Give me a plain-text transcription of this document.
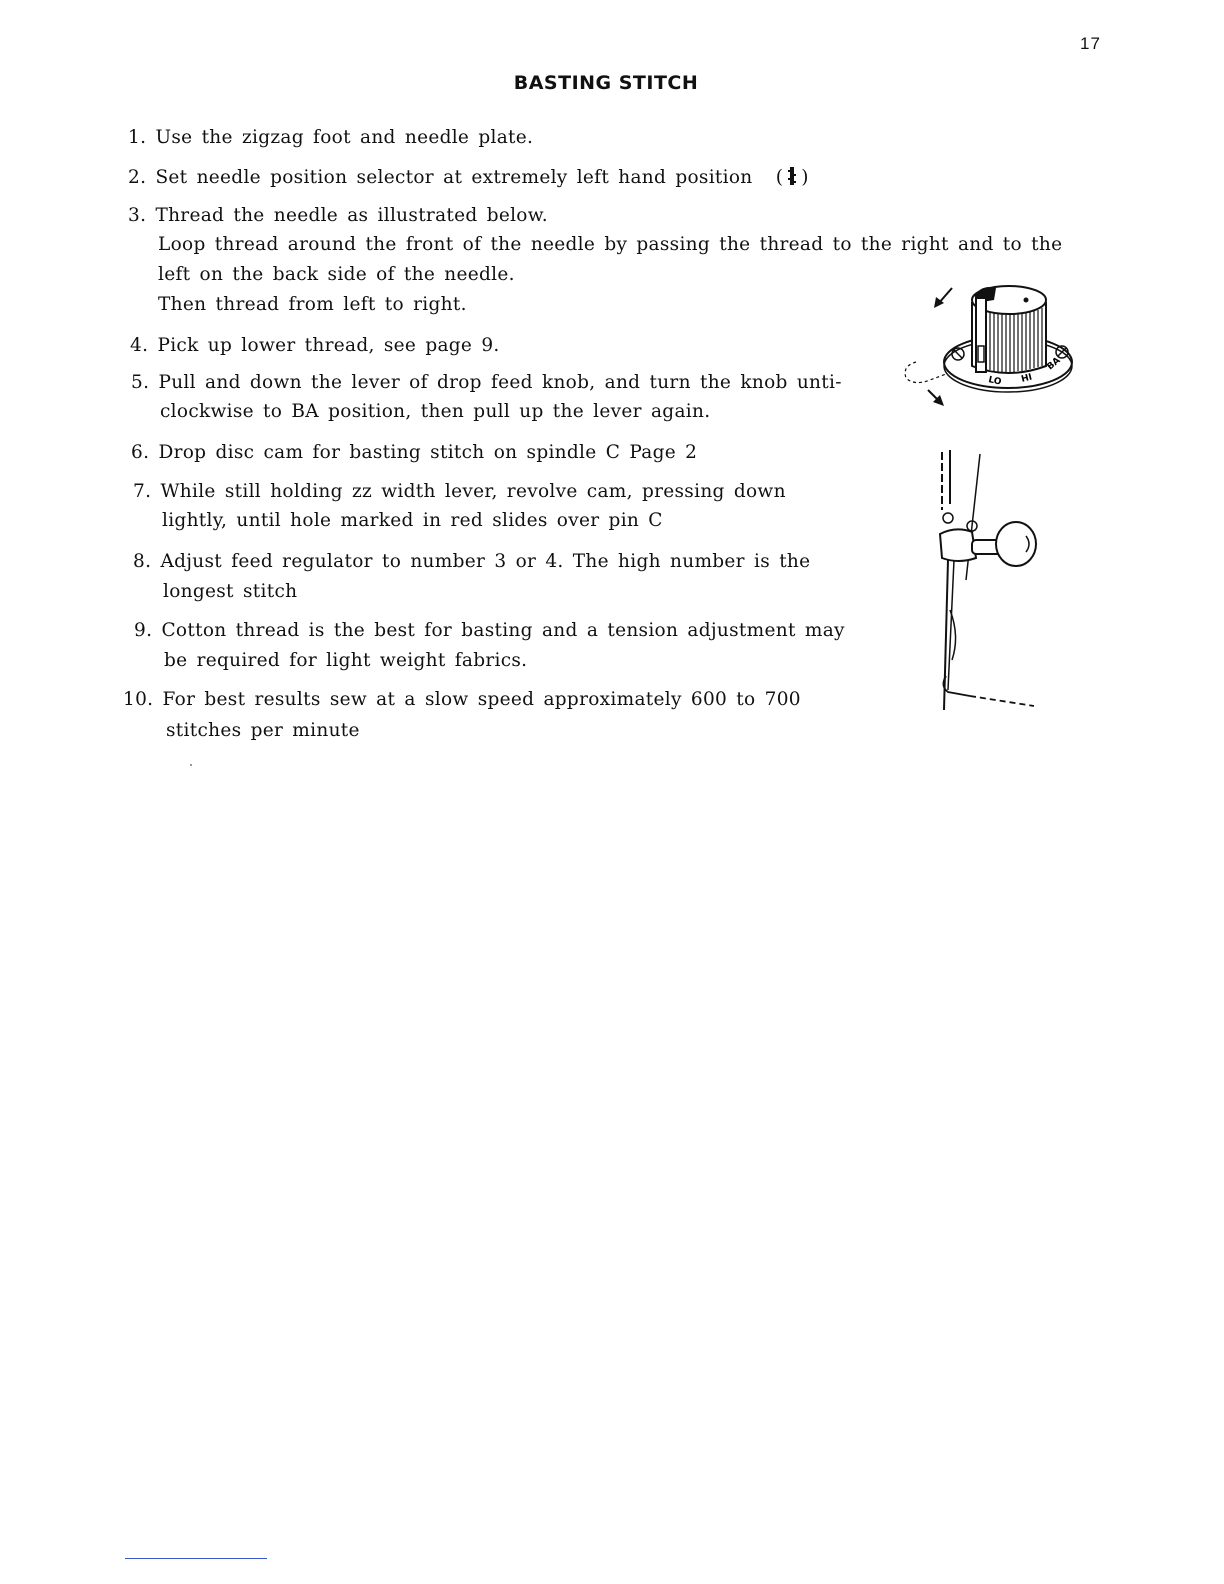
17
BASTING STITCH
1. Use the zigzag foot and needle plate.
2. Set needle position selector at extremely left hand position ( )
3. Thread the needle as illustrated below.
Loop thread around the front of the needle by passing the thread to the right and to the
left on the back side of the needle.
Then thread from left to right.
4. Pick up lower thread, see page 9.
5. Pull and down the lever of drop feed knob, and turn the knob unti-
clockwise to BA position, then pull up the lever again.
6. Drop disc cam for basting stitch on spindle C Page 2
7. While still holding zz width lever, revolve cam, pressing down
lightly, until hole marked in red slides over pin C
8. Adjust feed regulator to number 3 or 4. The high number is the
longest stitch
9. Cotton thread is the best for basting and a tension adjustment may
be required for light weight fabrics.
10. For best results sew at a slow speed approximately 600 to 700
stitches per minute
LO HI
BA
